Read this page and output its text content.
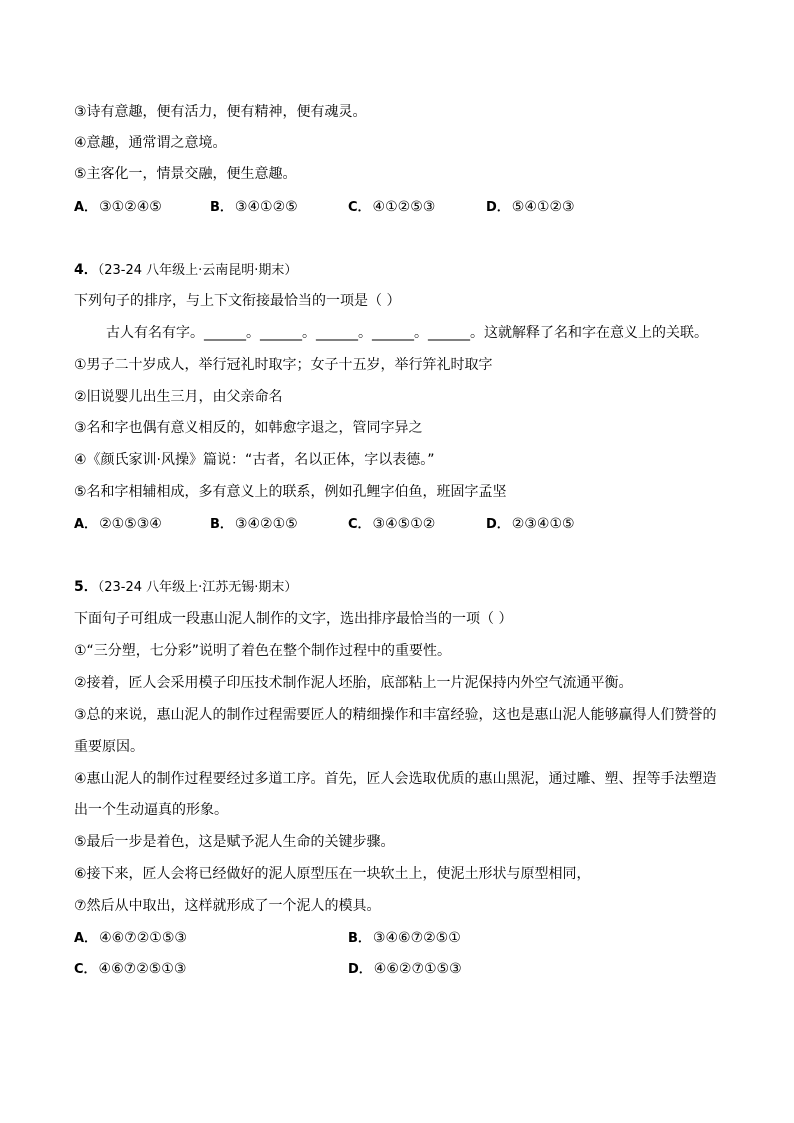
③诗有意趣，便有活力，便有精神，便有魂灵。
④意趣，通常谓之意境。
⑤主客化一，情景交融，便生意趣。
A． ③①②④⑤	B． ③④①②⑤	C． ④①②⑤③	D． ⑤④①②③
4．（23-24 八年级上·云南昆明·期末）
下列句子的排序，与上下文衔接最恰当的一项是（ ）
古人有名有字。______。______。______。______。______。这就解释了名和字在意义上的关联。
①男子二十岁成人，举行冠礼时取字；女子十五岁，举行笄礼时取字
②旧说婴儿出生三月，由父亲命名
③名和字也偶有意义相反的，如韩愈字退之，管同字异之
④《颜氏家训·风操》篇说：“古者，名以正体，字以表德。”
⑤名和字相辅相成，多有意义上的联系，例如孔鲤字伯鱼，班固字孟坚
A． ②①⑤③④	B． ③④②①⑤	C． ③④⑤①②	D． ②③④①⑤
5．（23-24 八年级上·江苏无锡·期末）
下面句子可组成一段惠山泥人制作的文字，选出排序最恰当的一项（ ）
①“三分塑，七分彩”说明了着色在整个制作过程中的重要性。
②接着，匠人会采用模子印压技术制作泥人坯胎，底部粘上一片泥保持内外空气流通平衡。
③总的来说，惠山泥人的制作过程需要匠人的精细操作和丰富经验，这也是惠山泥人能够赢得人们赞誉的
重要原因。
④惠山泥人的制作过程要经过多道工序。首先，匠人会选取优质的惠山黑泥，通过雕、塑、捏等手法塑造
出一个生动逼真的形象。
⑤最后一步是着色，这是赋予泥人生命的关键步骤。
⑥接下来，匠人会将已经做好的泥人原型压在一块软土上，使泥土形状与原型相同，
⑦然后从中取出，这样就形成了一个泥人的模具。
A． ④⑥⑦②①⑤③	B． ③④⑥⑦②⑤①
C． ④⑥⑦②⑤①③	D． ④⑥②⑦①⑤③
